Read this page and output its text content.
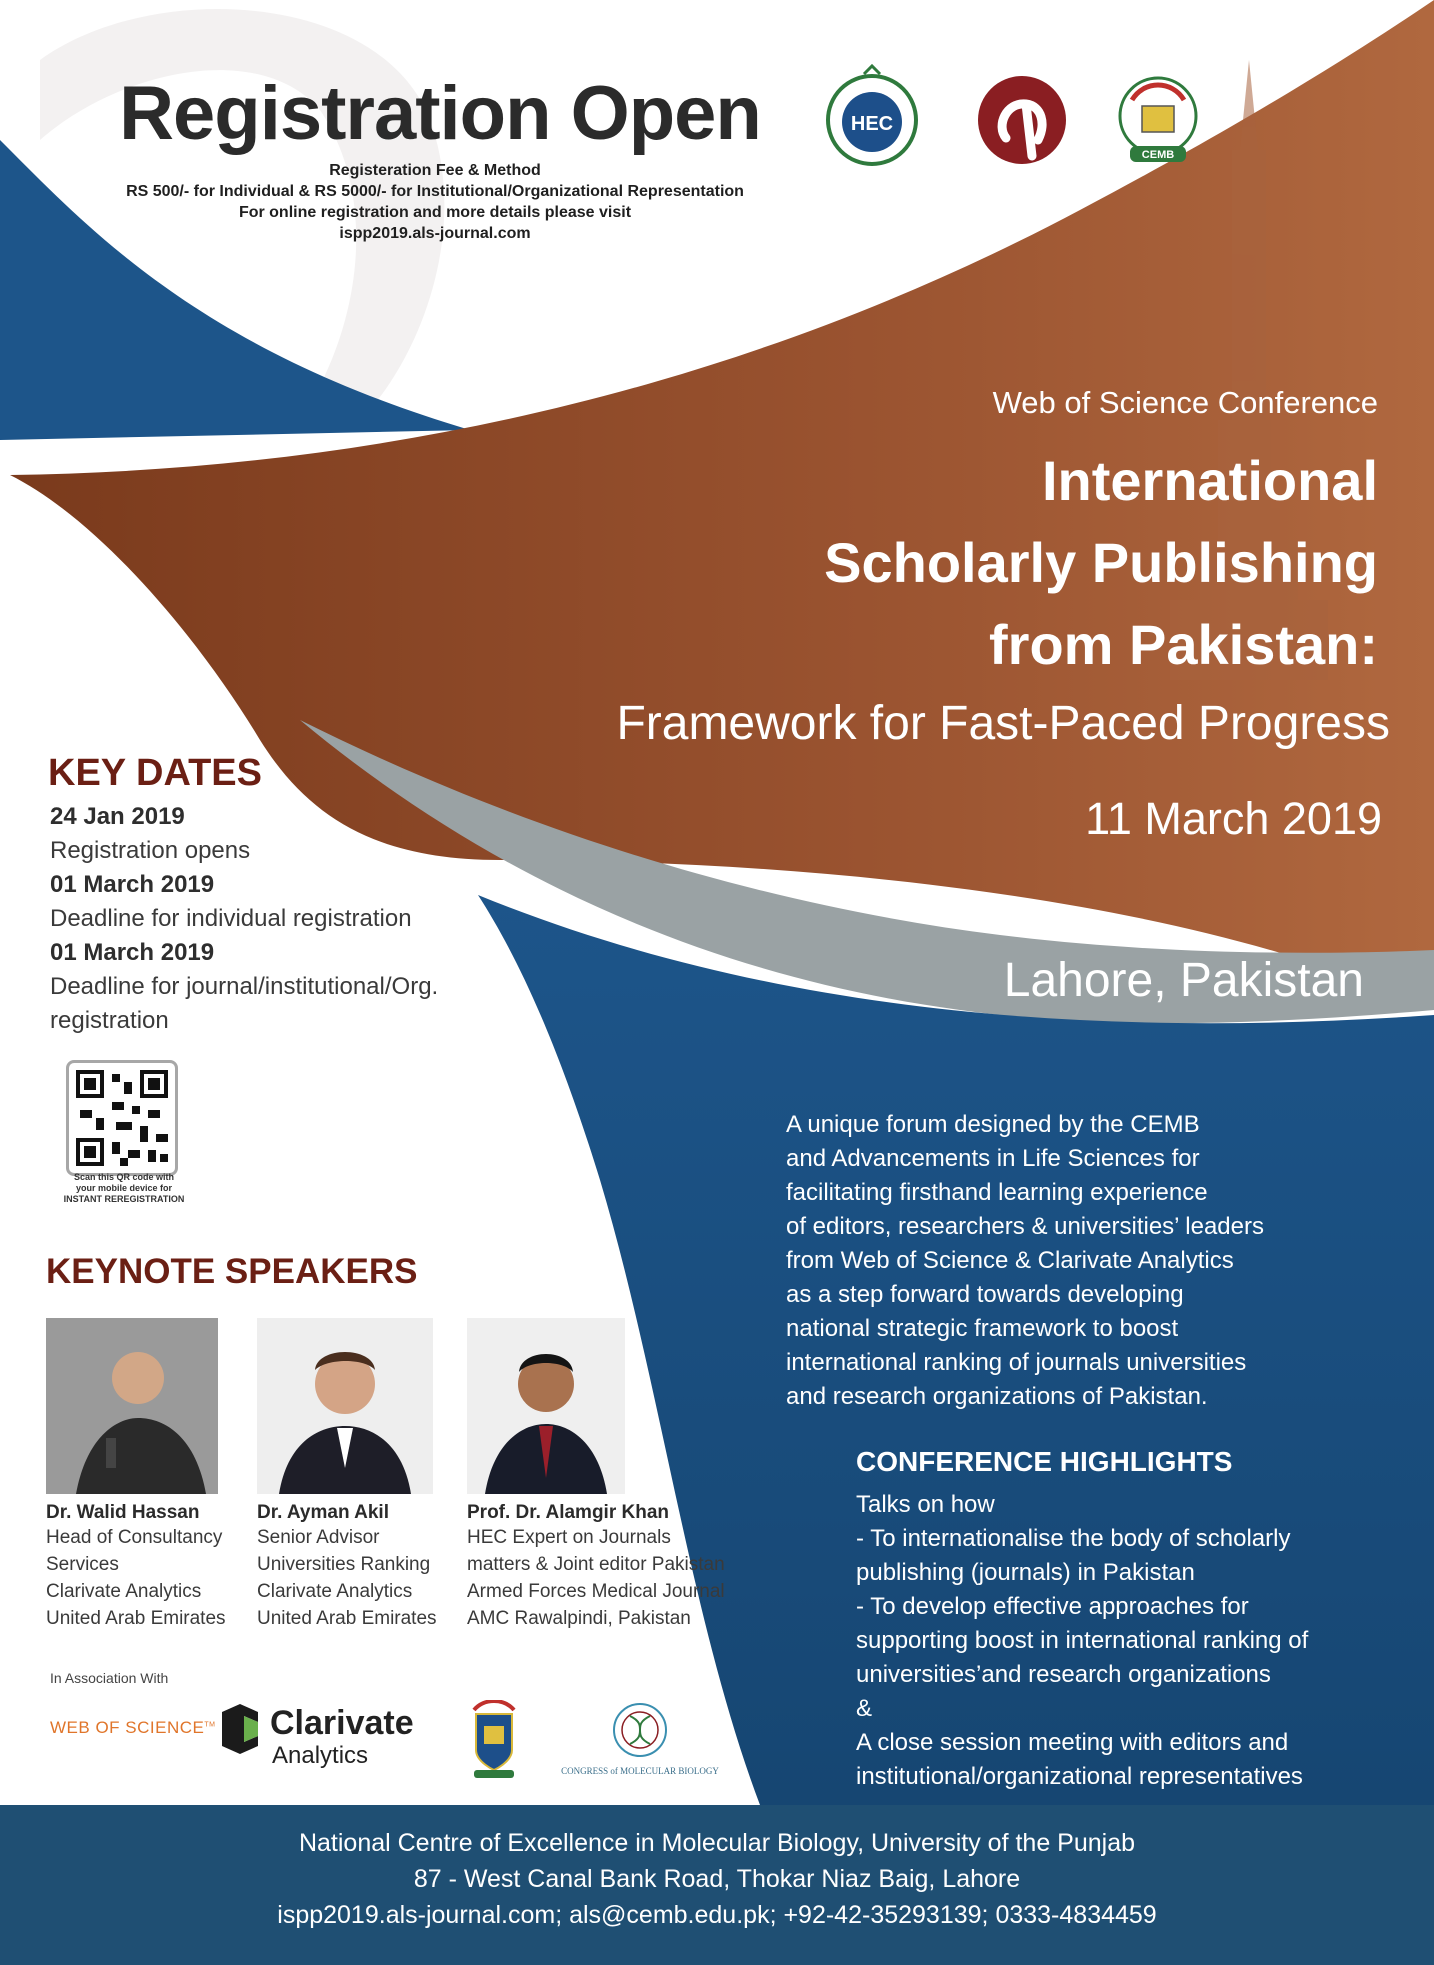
Registration Open
Registeration Fee & Method
RS 500/- for Individual & RS 5000/- for Institutional/Organizational Representation
For online registration and more details please visit
ispp2019.als-journal.com
HEC
CEMB
Web of Science Conference
International
Scholarly Publishing
from Pakistan:
Framework for Fast-Paced Progress
11 March 2019
Lahore, Pakistan
KEY DATES
24 Jan 2019
Registration opens
01 March 2019
Deadline for individual registration
01 March 2019
Deadline for journal/institutional/Org. registration
Scan this QR code with
your mobile device for
INSTANT REREGISTRATION
KEYNOTE SPEAKERS
Dr. Walid Hassan
Head of Consultancy
Services
Clarivate Analytics
United Arab Emirates
Dr. Ayman Akil
Senior Advisor
Universities Ranking
Clarivate Analytics
United Arab Emirates
Prof. Dr. Alamgir Khan
HEC Expert on Journals
matters & Joint editor Pakistan
Armed Forces Medical Journal
AMC Rawalpindi, Pakistan
In Association With
WEB OF SCIENCE™ Clarivate
Analytics
CONGRESS of MOLECULAR BIOLOGY
A unique forum designed by the CEMB
and Advancements in Life Sciences for
facilitating firsthand learning experience
of editors, researchers & universities’ leaders
from Web of Science & Clarivate Analytics
as a step forward towards developing
national strategic framework to boost
international ranking of journals universities
and research organizations of Pakistan.
CONFERENCE HIGHLIGHTS
Talks on how
- To internationalise the body of scholarly
publishing (journals) in Pakistan
- To develop effective approaches for
supporting boost in international ranking of
universities’and research organizations
&
A close session meeting with editors and
institutional/organizational representatives
National Centre of Excellence in Molecular Biology, University of the Punjab
87 - West Canal Bank Road, Thokar Niaz Baig, Lahore
ispp2019.als-journal.com; als@cemb.edu.pk; +92-42-35293139; 0333-4834459
